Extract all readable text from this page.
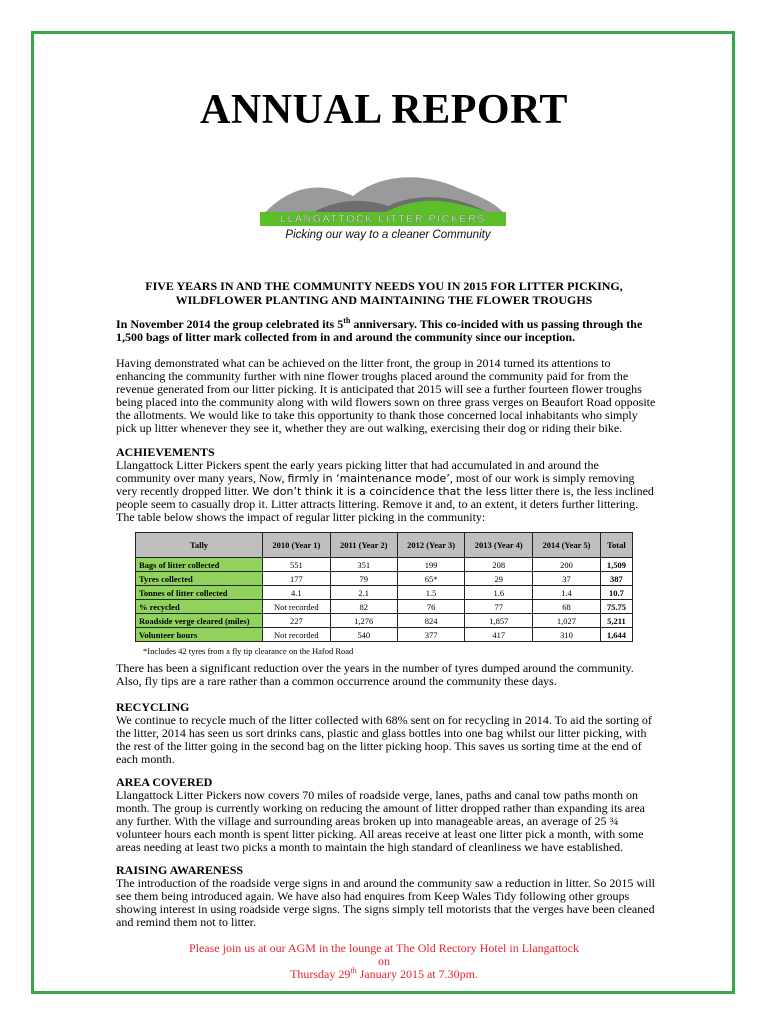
ANNUAL REPORT
LLANGATTOCK LITTER PICKERS
Picking our way to a cleaner Community
FIVE YEARS IN AND THE COMMUNITY NEEDS YOU IN 2015 FOR LITTER PICKING, WILDFLOWER PLANTING AND MAINTAINING THE FLOWER TROUGHS
In November 2014 the group celebrated its 5th anniversary. This co-incided with us passing through the 1,500 bags of litter mark collected from in and around the community since our inception.
Having demonstrated what can be achieved on the litter front, the group in 2014 turned its attentions to enhancing the community further with nine flower troughs placed around the community paid for from the revenue generated from our litter picking. It is anticipated that 2015 will see a further fourteen flower troughs being placed into the community along with wild flowers sown on three grass verges on Beaufort Road opposite the allotments. We would like to take this opportunity to thank those concerned local inhabitants who simply pick up litter whenever they see it, whether they are out walking, exercising their dog or riding their bike.
ACHIEVEMENTS

Llangattock Litter Pickers spent the early years picking litter that had accumulated in and around the community over many years, Now, firmly in ‘maintenance mode’, most of our work is simply removing very recently dropped litter. We don’t think it is a coincidence that the less litter there is, the less inclined people seem to casually drop it. Litter attracts littering. Remove it and, to an extent, it deters further littering. The table below shows the impact of regular litter picking in the community:

Tally	2010 (Year 1)	2011 (Year 2)	2012 (Year 3)	2013 (Year 4)	2014 (Year 5)	Total
Bags of litter collected	551	351	199	208	200	1,509
Tyres collected	177	79	65*	29	37	387
Tonnes of litter collected	4.1	2.1	1.5	1.6	1.4	10.7
% recycled	Not recorded	82	76	77	68	75.75
Roadside verge cleared (miles)	227	1,276	824	1,857	1,027	5,211
Volunteer hours	Not recorded	540	377	417	310	1,644
*Includes 42 tyres from a fly tip clearance on the Hafod Road
There has been a significant reduction over the years in the number of tyres dumped around the community. Also, fly tips are a rare rather than a common occurrence around the community these days.
RECYCLING

We continue to recycle much of the litter collected with 68% sent on for recycling in 2014. To aid the sorting of the litter, 2014 has seen us sort drinks cans, plastic and glass bottles into one bag whilst our litter picking, with the rest of the litter going in the second bag on the litter picking hoop. This saves us sorting time at the end of each month.

AREA COVERED

Llangattock Litter Pickers now covers 70 miles of roadside verge, lanes, paths and canal tow paths month on month. The group is currently working on reducing the amount of litter dropped rather than expanding its area any further. With the village and surrounding areas broken up into manageable areas, an average of 25 ¾ volunteer hours each month is spent litter picking. All areas receive at least one litter pick a month, with some areas needing at least two picks a month to maintain the high standard of cleanliness we have established.

RAISING AWARENESS

The introduction of the roadside verge signs in and around the community saw a reduction in litter. So 2015 will see them being introduced again. We have also had enquires from Keep Wales Tidy following other groups showing interest in using roadside verge signs. The signs simply tell motorists that the verges have been cleaned and remind them not to litter.

Please join us at our AGM in the lounge at The Old Rectory Hotel in Llangattock
on
Thursday 29th January 2015 at 7.30pm.
